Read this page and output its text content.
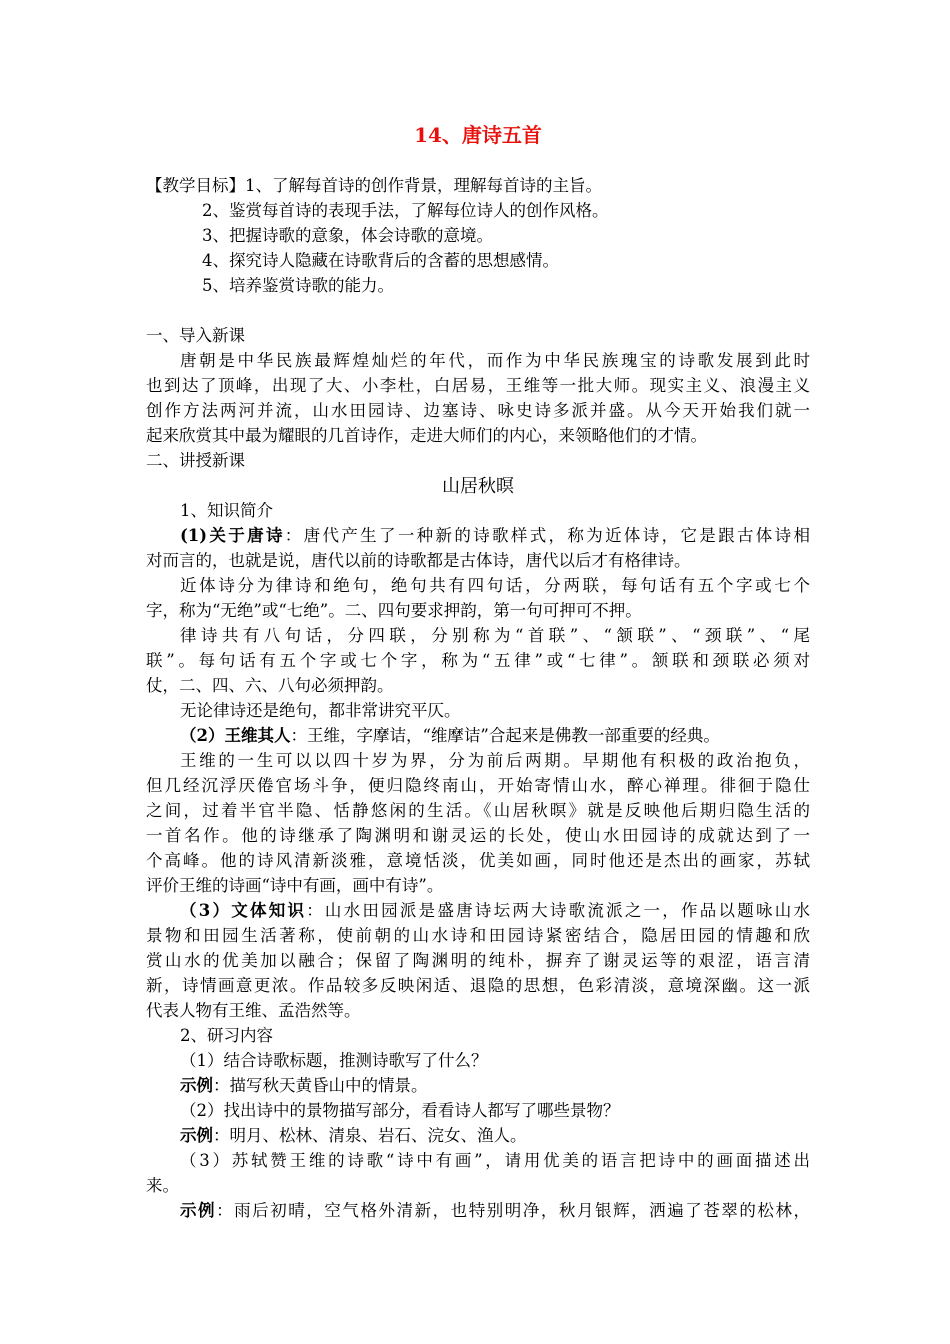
14、唐诗五首
【教学目标】1、了解每首诗的创作背景，理解每首诗的主旨。
2、鉴赏每首诗的表现手法，了解每位诗人的创作风格。
3、把握诗歌的意象，体会诗歌的意境。
4、探究诗人隐藏在诗歌背后的含蓄的思想感情。
5、培养鉴赏诗歌的能力。
一、导入新课
唐朝是中华民族最辉煌灿烂的年代，而作为中华民族瑰宝的诗歌发展到此时
也到达了顶峰，出现了大、小李杜，白居易，王维等一批大师。现实主义、浪漫主义
创作方法两河并流，山水田园诗、边塞诗、咏史诗多派并盛。从今天开始我们就一
起来欣赏其中最为耀眼的几首诗作，走进大师们的内心，来领略他们的才情。
二、讲授新课
山居秋暝
1、知识简介
(1)关于唐诗：唐代产生了一种新的诗歌样式，称为近体诗，它是跟古体诗相
对而言的，也就是说，唐代以前的诗歌都是古体诗，唐代以后才有格律诗。
近体诗分为律诗和绝句，绝句共有四句话，分两联，每句话有五个字或七个
字，称为“无绝”或“七绝”。二、四句要求押韵，第一句可押可不押。
律诗共有八句话，分四联，分别称为“首联”、“颔联”、“颈联”、“尾
联”。每句话有五个字或七个字，称为“五律”或“七律”。颔联和颈联必须对
仗，二、四、六、八句必须押韵。
无论律诗还是绝句，都非常讲究平仄。
（2）王维其人：王维，字摩诘，“维摩诘”合起来是佛教一部重要的经典。
王维的一生可以以四十岁为界，分为前后两期。早期他有积极的政治抱负，
但几经沉浮厌倦官场斗争，便归隐终南山，开始寄情山水，醉心禅理。徘徊于隐仕
之间，过着半官半隐、恬静悠闲的生活。《山居秋暝》就是反映他后期归隐生活的
一首名作。他的诗继承了陶渊明和谢灵运的长处，使山水田园诗的成就达到了一
个高峰。他的诗风清新淡雅，意境恬淡，优美如画，同时他还是杰出的画家，苏轼
评价王维的诗画“诗中有画，画中有诗”。
（3）文体知识：山水田园派是盛唐诗坛两大诗歌流派之一，作品以题咏山水
景物和田园生活著称，使前朝的山水诗和田园诗紧密结合，隐居田园的情趣和欣
赏山水的优美加以融合；保留了陶渊明的纯朴，摒弃了谢灵运等的艰涩，语言清
新，诗情画意更浓。作品较多反映闲适、退隐的思想，色彩清淡，意境深幽。这一派
代表人物有王维、孟浩然等。
2、研习内容
（1）结合诗歌标题，推测诗歌写了什么？
示例：描写秋天黄昏山中的情景。
（2）找出诗中的景物描写部分，看看诗人都写了哪些景物？
示例：明月、松林、清泉、岩石、浣女、渔人。
（3）苏轼赞王维的诗歌“诗中有画”，请用优美的语言把诗中的画面描述出
来。
示例：雨后初晴，空气格外清新，也特别明净，秋月银辉，洒遍了苍翠的松林，
